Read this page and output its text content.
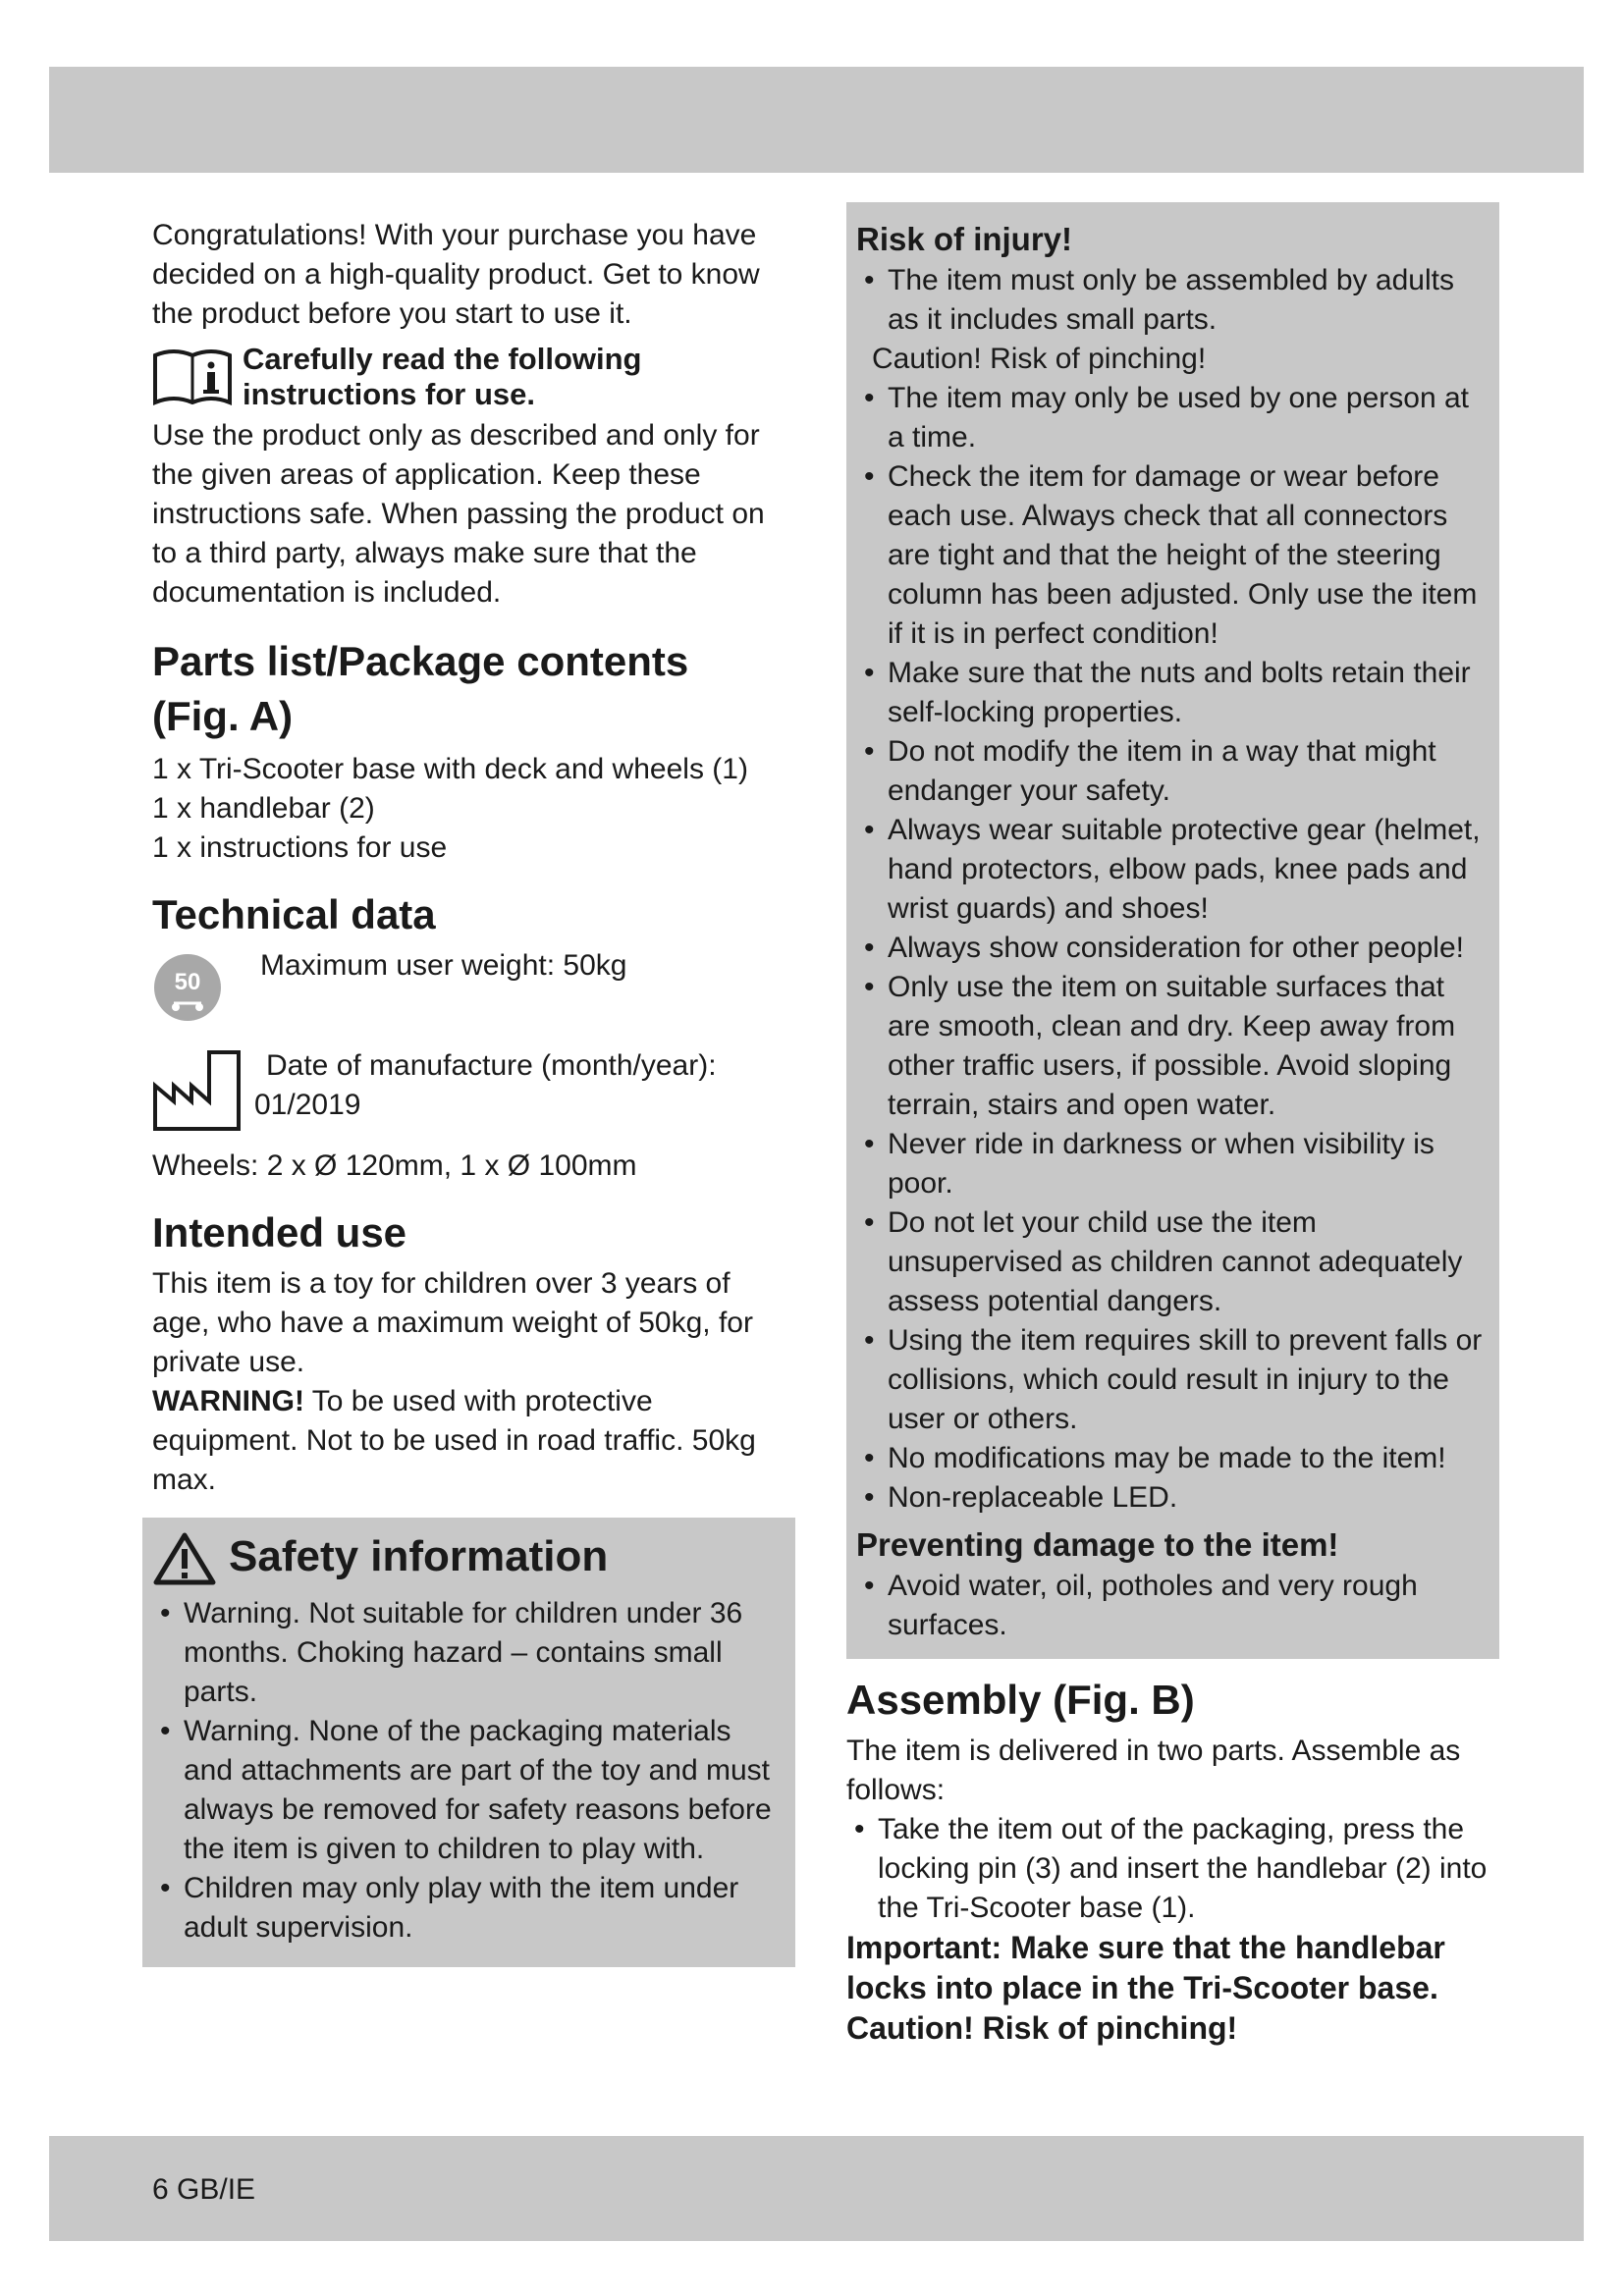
Congratulations! With your purchase you have decided on a high-quality product. Get to know the product before you start to use it.

Carefully read the following instructions for use.

Use the product only as described and only for the given areas of application. Keep these instructions safe. When passing the product on to a third party, always make sure that the documentation is included.

Parts list/Package contents (Fig. A)
1 x Tri-Scooter base with deck and wheels (1)
1 x handlebar (2)
1 x instructions for use
Technical data
50
Maximum user weight: 50kg
Date of manufacture (month/year):
01/2019

Wheels: 2 x Ø 120mm, 1 x Ø 100mm

Intended use

This item is a toy for children over 3 years of age, who have a maximum weight of 50kg, for private use.

WARNING! To be used with protective equipment. Not to be used in road traffic. 50kg max.

Safety information
• Warning. Not suitable for children under 36 months. Choking hazard – contains small parts.
• Warning. None of the packaging materials and attachments are part of the toy and must always be removed for safety reasons before the item is given to children to play with.
• Children may only play with the item under adult supervision.
Risk of injury!
• The item must only be assembled by adults as it includes small parts.

Caution! Risk of pinching!

• The item may only be used by one person at a time.
• Check the item for damage or wear before each use. Always check that all connectors are tight and that the height of the steering column has been adjusted. Only use the item if it is in perfect condition!
• Make sure that the nuts and bolts retain their self-locking properties.
• Do not modify the item in a way that might endanger your safety.
• Always wear suitable protective gear (helmet, hand protectors, elbow pads, knee pads and wrist guards) and shoes!
• Always show consideration for other people!
• Only use the item on suitable surfaces that are smooth, clean and dry. Keep away from other traffic users, if possible. Avoid sloping terrain, stairs and open water.
• Never ride in darkness or when visibility is poor.
• Do not let your child use the item unsupervised as children cannot adequately assess potential dangers.
• Using the item requires skill to prevent falls or collisions, which could result in injury to the user or others.
• No modifications may be made to the item!
• Non-replaceable LED.
Preventing damage to the item!
• Avoid water, oil, potholes and very rough surfaces.
Assembly (Fig. B)

The item is delivered in two parts. Assemble as follows:

• Take the item out of the packaging, press the locking pin (3) and insert the handlebar (2) into the Tri-Scooter base (1).

Important: Make sure that the handlebar locks into place in the Tri-Scooter base. Caution! Risk of pinching!

6 GB/IE
